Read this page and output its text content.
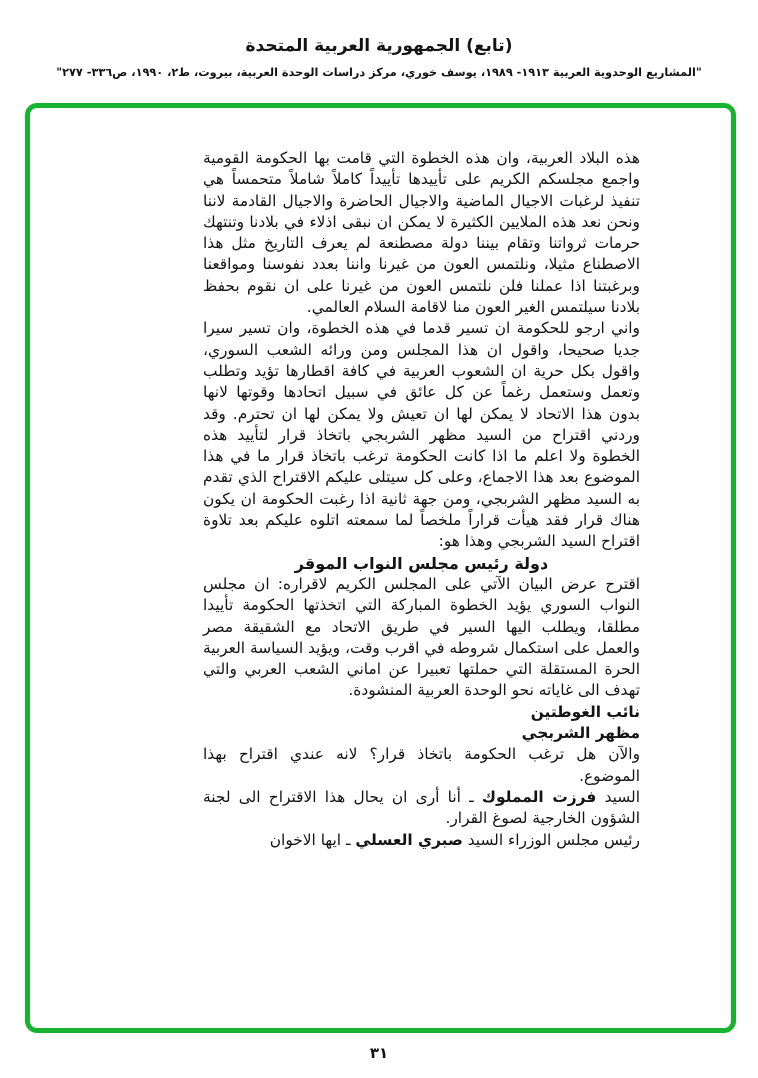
(تابع) الجمهورية العربية المتحدة
"المشاريع الوحدوية العربية ١٩١٣- ١٩٨٩، يوسف خوري، مركز دراسات الوحدة العربية، بيروت، ط٢، ١٩٩٠، ص٣٣٦- ٢٧٧"

هذه البلاد العربية، وان هذه الخطوة التي قامت بها الحكومة القومية واجمع مجلسكم الكريم على تأييدها تأييداً كاملاً شاملاً متحمساً هي تنفيذ لرغبات الاجيال الماضية والاجيال الحاضرة والاجيال القادمة لاننا ونحن نعد هذه الملايين الكثيرة لا يمكن ان نبقى اذلاء في بلادنا وتنتهك حرمات ثرواتنا وتقام بيننا دولة مصطنعة لم يعرف التاريخ مثل هذا الاصطناع مثيلا، ونلتمس العون من غيرنا واننا بعدد نفوسنا ومواقعنا وبرغبتنا اذا عملنا فلن نلتمس العون من غيرنا على ان نقوم بحفظ بلادنا سيلتمس الغير العون منا لاقامة السلام العالمي.

واني ارجو للحكومة ان تسير قدما في هذه الخطوة، وان تسير سيرا جديا صحيحا، واقول ان هذا المجلس ومن ورائه الشعب السوري، واقول بكل حرية ان الشعوب العربية في كافة اقطارها تؤيد وتطلب وتعمل وستعمل رغماً عن كل عائق في سبيل اتحادها وقوتها لانها بدون هذا الاتحاد لا يمكن لها ان تعيش ولا يمكن لها ان تحترم. وقد وردني اقتراح من السيد مظهر الشربجي باتخاذ قرار لتأييد هذه الخطوة ولا اعلم ما اذا كانت الحكومة ترغب باتخاذ قرار ما في هذا الموضوع بعد هذا الاجماع، وعلى كل سيتلى عليكم الاقتراح الذي تقدم به السيد مظهر الشربجي، ومن جهة ثانية اذا رغبت الحكومة ان يكون هناك قرار فقد هيأت قراراً ملخصاً لما سمعته اتلوه عليكم بعد تلاوة اقتراح السيد الشربجي وهذا هو:

دولة رئيس مجلس النواب الموقر

اقترح عرض البيان الآتي على المجلس الكريم لاقراره: ان مجلس النواب السوري يؤيد الخطوة المباركة التي اتخذتها الحكومة تأييدا مطلقا، ويطلب اليها السير في طريق الاتحاد مع الشقيقة مصر والعمل على استكمال شروطه في اقرب وقت، ويؤيد السياسة العربية الحرة المستقلة التي حملتها تعبيرا عن اماني الشعب العربي والتي تهدف الى غاياته نحو الوحدة العربية المنشودة.

نائب الغوطتين

مظهر الشربجي

والآن هل ترغب الحكومة باتخاذ قرار؟ لانه عندي اقتراح بهذا الموضوع.

السيد فرزت المملوك ـ أنا أرى ان يحال هذا الاقتراح الى لجنة الشؤون الخارجية لصوغ القرار.

رئيس مجلس الوزراء السيد صبري العسلي ـ ايها الاخوان

٣١
